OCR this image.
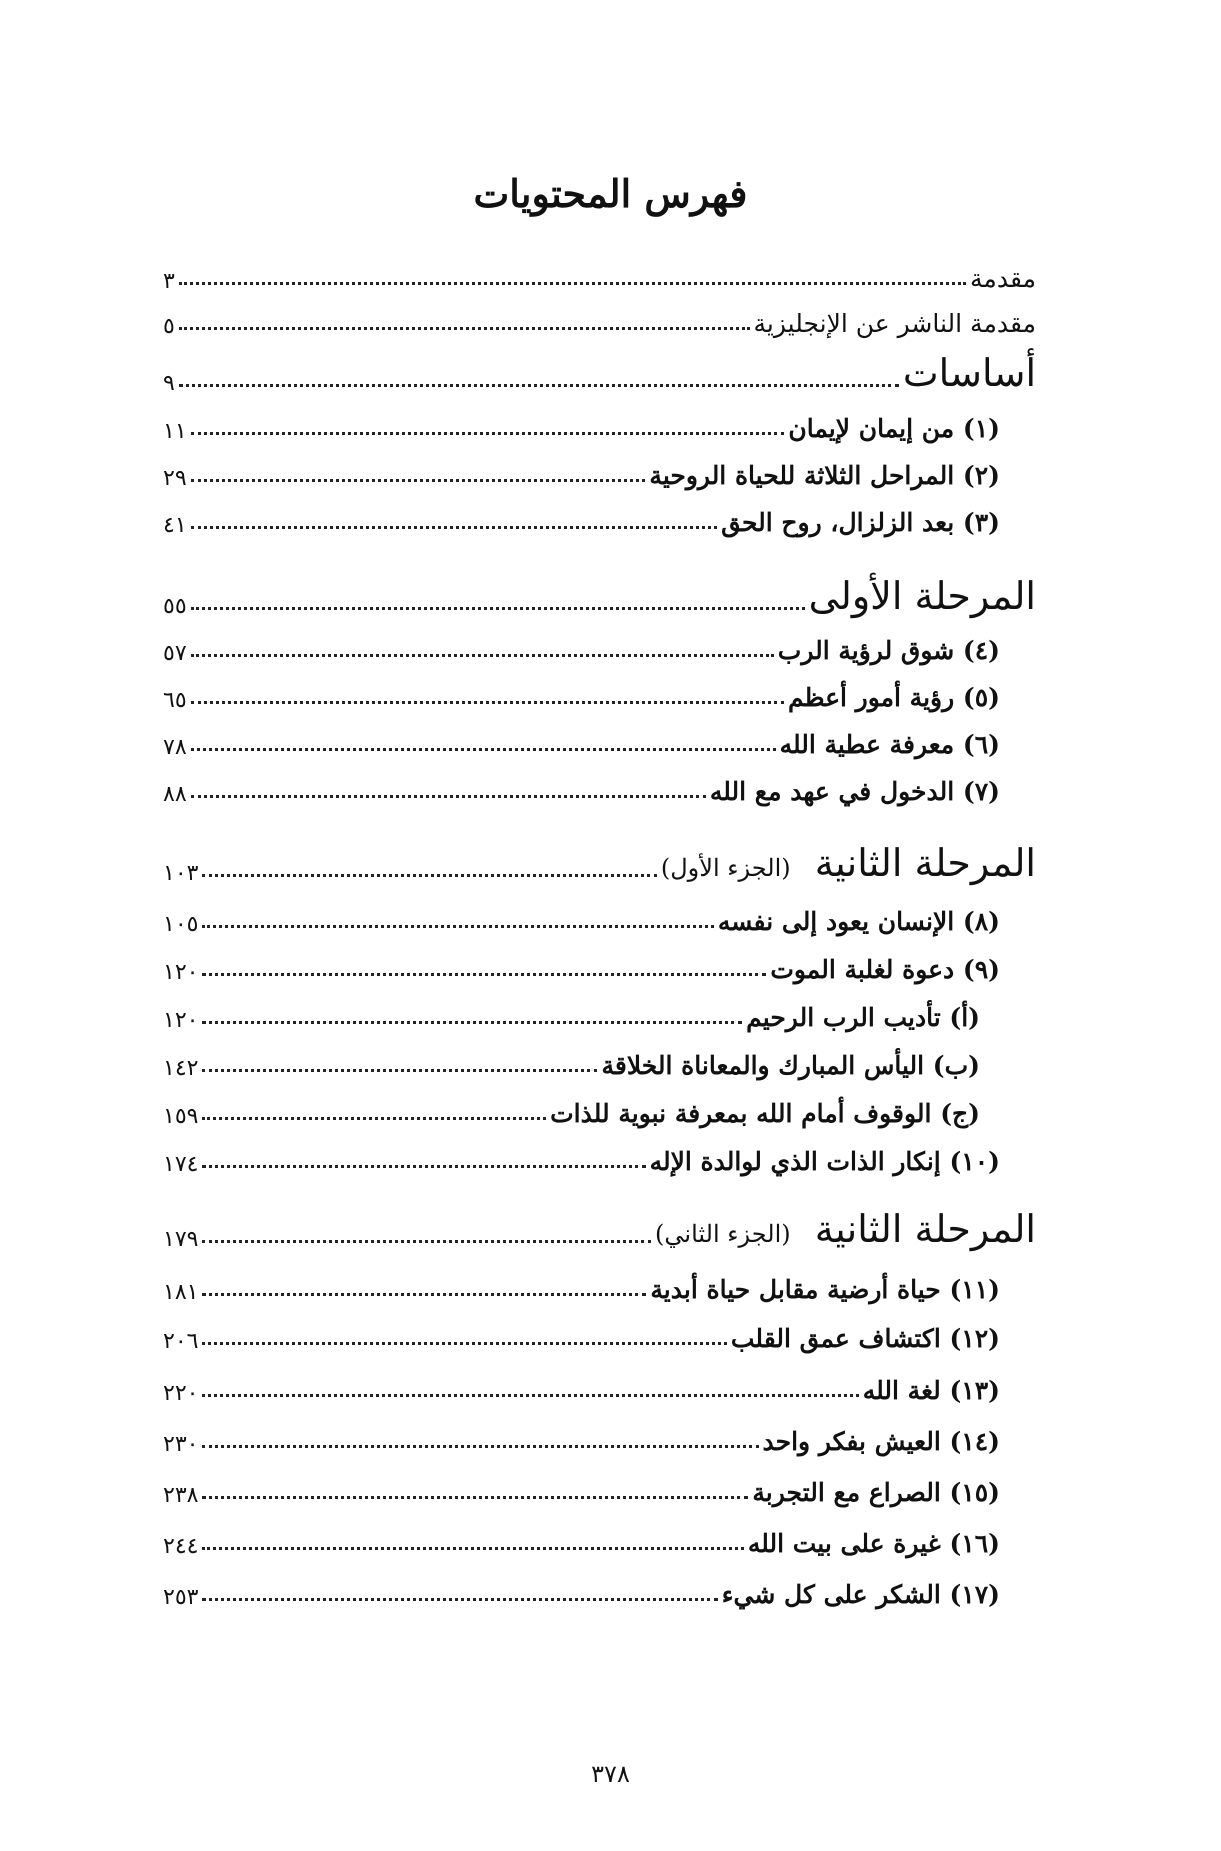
فهرس المحتويات
مقدمة
٣
مقدمة الناشر عن الإنجليزية
٥
أساسات
٩
(١) من إيمان لإيمان
١١
(٢) المراحل الثلاثة للحياة الروحية
٢٩
(٣) بعد الزلزال، روح الحق
٤١
المرحلة الأولى
٥٥
(٤) شوق لرؤية الرب
٥٧
(٥) رؤية أمور أعظم
٦٥
(٦) معرفة عطية الله
٧٨
(٧) الدخول في عهد مع الله
٨٨
المرحلة الثانية  (الجزء الأول)
١٠٣
(٨) الإنسان يعود إلى نفسه
١٠٥
(٩) دعوة لغلبة الموت
١٢٠
(أ) تأديب الرب الرحيم
١٢٠
(ب) اليأس المبارك والمعاناة الخلاقة
١٤٢
(ج) الوقوف أمام الله بمعرفة نبوية للذات
١٥٩
(١٠) إنكار الذات الذي لوالدة الإله
١٧٤
المرحلة الثانية  (الجزء الثاني)
١٧٩
(١١) حياة أرضية مقابل حياة أبدية
١٨١
(١٢) اكتشاف عمق القلب
٢٠٦
(١٣) لغة الله
٢٢٠
(١٤) العيش بفكر واحد
٢٣٠
(١٥) الصراع مع التجربة
٢٣٨
(١٦) غيرة على بيت الله
٢٤٤
(١٧) الشكر على كل شيء
٢٥٣
٣٧٨
